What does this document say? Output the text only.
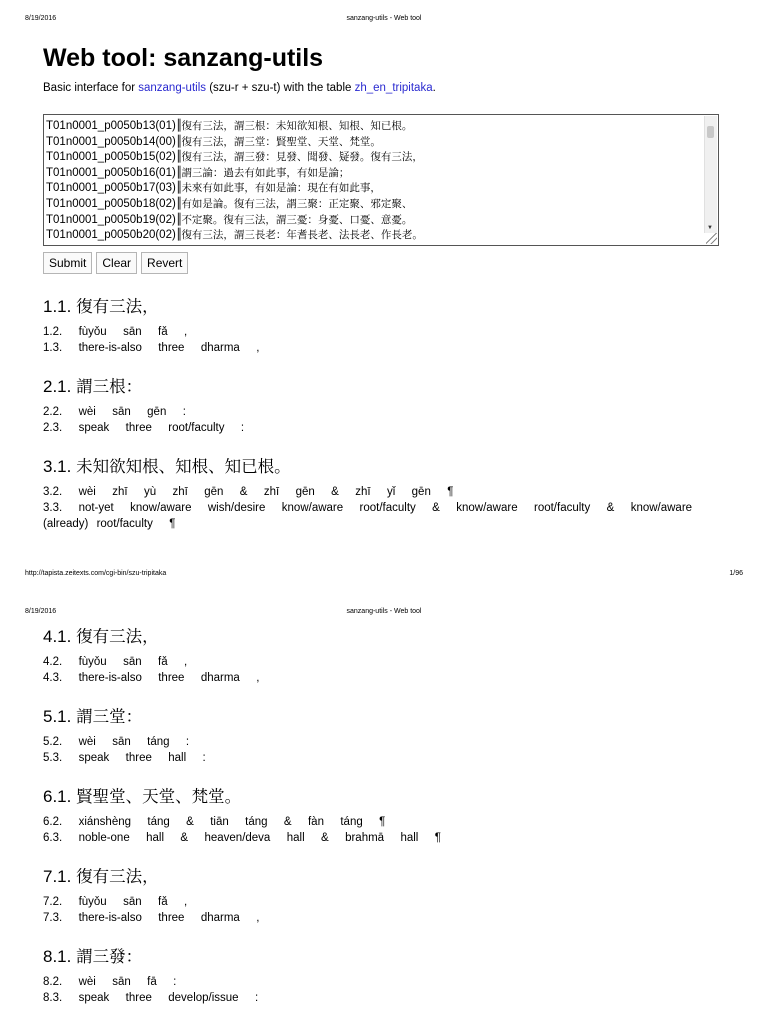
8/19/2016	sanzang-utils - Web tool
Web tool: sanzang-utils
Basic interface for sanzang-utils (szu-r + szu-t) with the table zh_en_tripitaka.
T01n0001_p0050b13(01)║復有三法，謂三根：未知欲知根、知根、知已根。
T01n0001_p0050b14(00)║復有三法，謂三堂：賢聖堂、天堂、梵堂。
T01n0001_p0050b15(02)║復有三法，謂三發：見發、聞發、疑發。復有三法，
T01n0001_p0050b16(01)║謂三論：過去有如此事，有如是論；
T01n0001_p0050b17(03)║未來有如此事，有如是論：現在有如此事，
T01n0001_p0050b18(02)║有如是論。復有三法，謂三聚：正定聚、邪定聚、
T01n0001_p0050b19(02)║不定聚。復有三法，謂三憂：身憂、口憂、意憂。
T01n0001_p0050b20(02)║復有三法，謂三長老：年耆長老、法長老、作長老。
▼
Submit	Clear	Revert
1.1. 復有三法，
1.2.  fùyǒu  sān  fǎ  ,
1.3.  there-is-also  three  dharma  ,
2.1. 謂三根：
2.2.  wèi  sān  gēn  :
2.3.  speak  three  root/faculty  :
3.1. 未知欲知根、知根、知已根。
3.2.  wèi  zhī  yù  zhī  gēn  &  zhī  gēn  &  zhī  yǐ  gēn  ¶
3.3.  not-yet  know/aware  wish/desire  know/aware  root/faculty  &  know/aware  root/faculty  &  know/aware  (already) root/faculty  ¶
4.1. 復有三法，
4.2.  fùyǒu  sān  fǎ  ,
4.3.  there-is-also  three  dharma  ,
5.1. 謂三堂：
5.2.  wèi  sān  táng  :
5.3.  speak  three  hall  :
6.1. 賢聖堂、天堂、梵堂。
6.2.  xiánshèng  táng  &  tiān  táng  &  fàn  táng  ¶
6.3.  noble-one  hall  &  heaven/deva  hall  &  brahmā  hall  ¶
7.1. 復有三法，
7.2.  fùyǒu  sān  fǎ  ,
7.3.  there-is-also  three  dharma  ,
8.1. 謂三發：
8.2.  wèi  sān  fā  :
8.3.  speak  three  develop/issue  :
http://tapista.zeitexts.com/cgi-bin/szu-tripitaka	1/96
8/19/2016	sanzang-utils - Web tool
